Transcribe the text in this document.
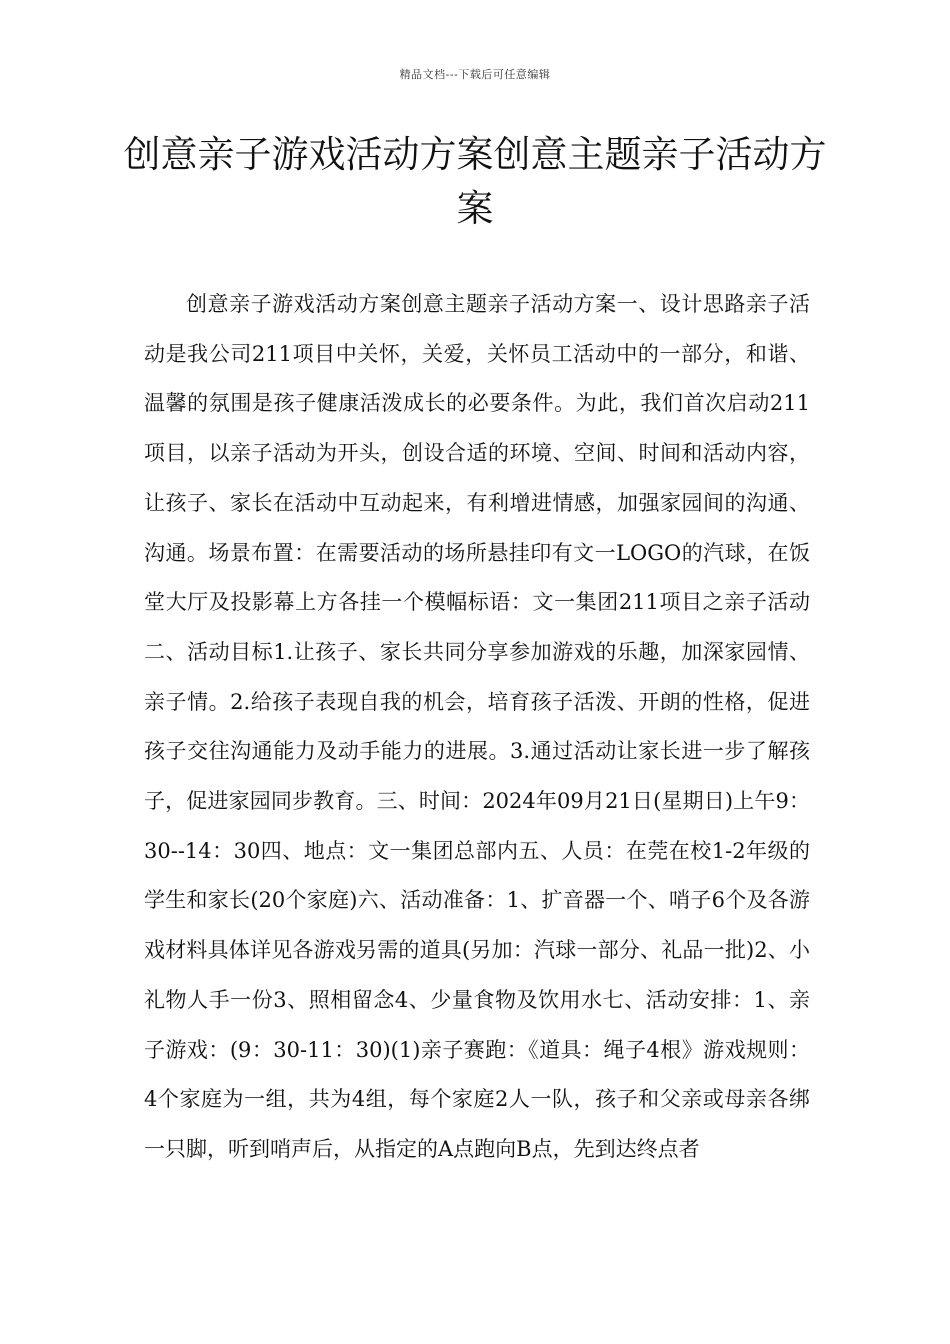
精品文档---下载后可任意编辑
创意亲子游戏活动方案创意主题亲子活动方案

创意亲子游戏活动方案创意主题亲子活动方案一、设计思路亲子活动是我公司211项目中关怀，关爱，关怀员工活动中的一部分，和谐、温馨的氛围是孩子健康活泼成长的必要条件。为此，我们首次启动211项目，以亲子活动为开头，创设合适的环境、空间、时间和活动内容，让孩子、家长在活动中互动起来，有利增进情感，加强家园间的沟通、沟通。场景布置：在需要活动的场所悬挂印有文一LOGO的汽球，在饭堂大厅及投影幕上方各挂一个模幅标语：文一集团211项目之亲子活动二、活动目标1.让孩子、家长共同分享参加游戏的乐趣，加深家园情、亲子情。2.给孩子表现自我的机会，培育孩子活泼、开朗的性格，促进孩子交往沟通能力及动手能力的进展。3.通过活动让家长进一步了解孩子，促进家园同步教育。三、时间：2024年09月21日(星期日)上午9：30--14：30四、地点：文一集团总部内五、人员：在莞在校1-2年级的学生和家长(20个家庭)六、活动准备：1、扩音器一个、哨子6个及各游戏材料具体详见各游戏另需的道具(另加：汽球一部分、礼品一批)2、小礼物人手一份3、照相留念4、少量食物及饮用水七、活动安排：1、亲子游戏：(9：30-11：30)(1)亲子赛跑：《道具：绳子4根》游戏规则：4个家庭为一组，共为4组，每个家庭2人一队，孩子和父亲或母亲各绑一只脚，听到哨声后，从指定的A点跑向B点，先到达终点者
